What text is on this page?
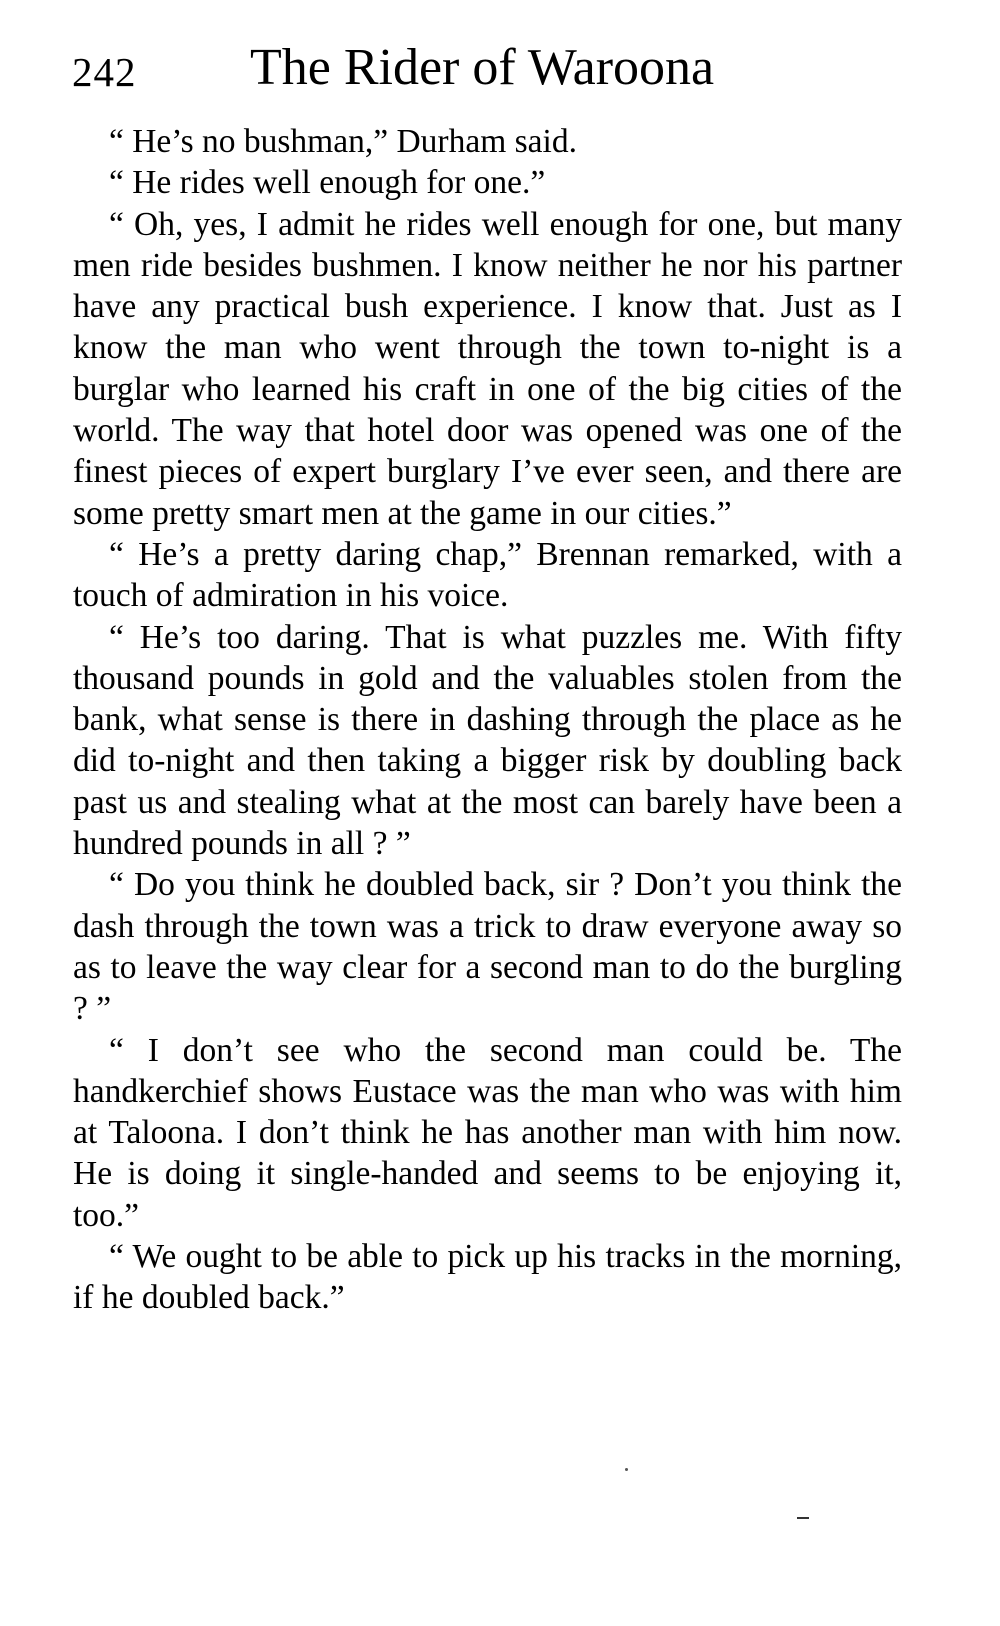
242 The Rider of Waroona

“ He’s no bushman,” Durham said.

“ He rides well enough for one.”

“ Oh, yes, I admit he rides well enough for one, but many men ride besides bushmen. I know neither he nor his partner have any practical bush experience. I know that. Just as I know the man who went through the town to-night is a burglar who learned his craft in one of the big cities of the world. The way that hotel door was opened was one of the finest pieces of expert burglary I’ve ever seen, and there are some pretty smart men at the game in our cities.”

“ He’s a pretty daring chap,” Brennan remarked, with a touch of admiration in his voice.

“ He’s too daring. That is what puzzles me. With fifty thousand pounds in gold and the valuables stolen from the bank, what sense is there in dashing through the place as he did to-night and then taking a bigger risk by doubling back past us and stealing what at the most can barely have been a hundred pounds in all ? ”

“ Do you think he doubled back, sir ? Don’t you think the dash through the town was a trick to draw everyone away so as to leave the way clear for a second man to do the burgling ? ”

“ I don’t see who the second man could be. The handkerchief shows Eustace was the man who was with him at Taloona. I don’t think he has another man with him now. He is doing it single-handed and seems to be enjoying it, too.”

“ We ought to be able to pick up his tracks in the morning, if he doubled back.”
